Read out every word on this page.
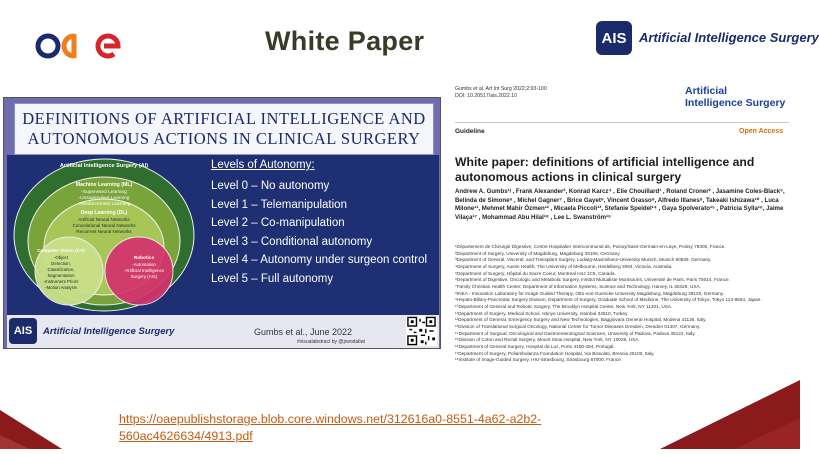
White Paper	AIS Artificial Intelligence Surgery
DEFINITIONS OF ARTIFICIAL INTELLIGENCE AND
AUTONOMOUS ACTIONS IN CLINICAL SURGERY
Artificial Intelligence Surgery (AI)
Machine Learning (ML)
-Supervised Learning
-Unsupervised Learning
-Reinforcement Learning
Deep Learning (DL)
Artificial Neural Networks
Convolutional Neural Networks
Recurrent Neural Networks
Computer Vision (CV)
-Object
Detection,
Classification,
Segmentation
-Instrument Priors
-Motion Analysis
Robotics
-Automation
-Artificial Intelligence
Surgery (AIS)
Levels of Autonomy:
Level 0 – No autonomy
Level 1 – Telemanipulation
Level 2 – Co-manipulation
Level 3 – Conditional autonomy
Level 4 – Autonomy under surgeon control
Level 5 – Full autonomy
AIS	Artificial Intelligence Surgery	Gumbs et al., June 2022
#visualabstract by @pwodaliwi
Gumbs et al. Art Int Surg 2022;2:93-100
DOI: 10.20517/ais.2022.10	Artificial
Intelligence Surgery
Guideline	Open Access
White paper: definitions of artificial intelligence and autonomous actions in clinical surgery
Andrew A. Gumbs¹ʲ , Frank Alexander³, Konrad Karcz⁴ , Elie Chouillard¹ , Roland Croner² , Jasamine Coles-Black⁵, Belinda de Simone⁶ , Michel Gagner⁷ , Brice Gayet⁸, Vincent Grasso⁹, Alfredo Illanes⁸, Takeaki Ishizawa¹⁰ , Luca Milone¹¹, Mehmet Mahir Özmen¹² , Micaela Piccoli¹³, Stefanie Speidel¹⁴ , Gaya Spolverato¹⁵ , Patricia Sylla¹⁶, Jaime Vilaça¹⁷ , Mohammad Abu Hilal¹⁸ , Lee L. Swanström¹⁹
¹Département de Chirurgie Digestive, Centre Hospitalier Intercommunal de, Poissy/Saint-Germain-en-Laye, Poissy 78300, France.
²Department of Surgery, University of Magdeburg, Magdeburg 39106, Germany.
³Department of General, Visceral, and Transplant Surgery, Ludwig-Maximilians-University Munich, Munich 80539, Germany.
⁴Department of Surgery, Austin Health, The University of Melbourne, Heidelberg 3084, Victoria, Australia.
⁵Department of Surgery, Hôpital du Sacre Coeur, Montreal H4J 1C5, Canada.
⁶Department of Digestive, Oncologic and Metabolic Surgery, Institut Mutualiste Montsouris, Université de Paris, Paris 75014, France.
⁷Family Christian Health Center, Department of Information Systems, Science and Technology, Harvey, IL 60426, USA.
⁸INKA - Innovation Laboratory for Image Guided Therapy, Otto-von-Guericke University Magdeburg, Magdeburg 39120, Germany.
⁹Hepato-Biliary-Pancreatic Surgery Division, Department of Surgery, Graduate School of Medicine, The University of Tokyo, Tokyo 113-8654, Japan.
¹⁰Department of General and Robotic Surgery, The Brooklyn Hospital Center, New York, NY 11201, USA.
¹¹Department of Surgery, Medical School, Istinye University, Istanbul 34010, Turkey.
¹²Department of General, Emergency Surgery and New Technologies, Baggiovara General Hospital, Modena 41126, Italy.
¹³Division of Translational Surgical Oncology, National Center for Tumor Diseases Dresden, Dresden 01307, Germany.
¹⁴Department of Surgical, Oncological and Gastroenterological Sciences, University of Padova, Padova 35122, Italy.
¹⁵Division of Colon and Rectal Surgery, Mount Sinai Hospital, New York, NY 10029, USA.
¹⁶Department of General Surgery, Hospital da Luz, Porto 4100-284, Portugal.
¹⁷Department of Surgery, Poliambulanza Foundation Hospital, Via Bissolati, Brescia 25100, Italy.
¹⁸Institute of Image-Guided Surgery, IHU-Strasbourg, Strasbourg 67000, France.
https://oaepublishstorage.blob.core.windows.net/312616a0-8551-4a62-a2b2-
560ac4626634/4913.pdf
